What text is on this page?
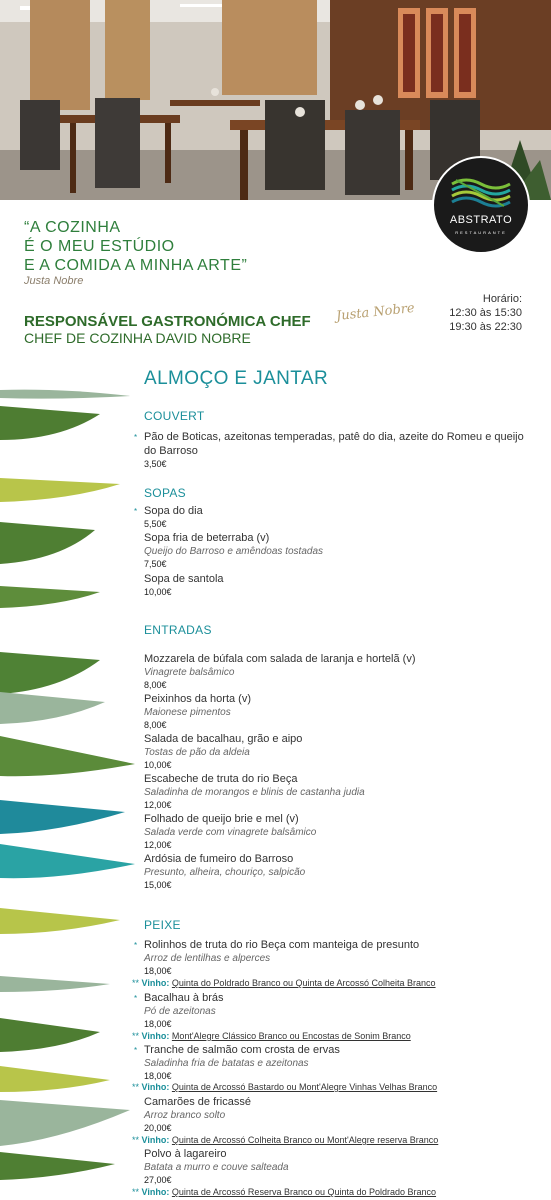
ABSTRATO
RESTAURANTE
“A COZINHA
É O MEU ESTÚDIO
E A COMIDA A MINHA ARTE”
Justa Nobre
RESPONSÁVEL GASTRONÓMICA CHEF
CHEF DE COZINHA DAVID NOBRE
Justa Nobre
Horário:
12:30 às 15:30
19:30 às 22:30
ALMOÇO E JANTAR
COUVERT
* Pão de Boticas, azeitonas temperadas, patê do dia, azeite do Romeu e queijo do Barroso
3,50€
SOPAS
* Sopa do dia
5,50€
Sopa fria de beterraba (v)
Queijo do Barroso e amêndoas tostadas
7,50€
Sopa de santola
10,00€
ENTRADAS
Mozzarela de búfala com salada de laranja e hortelã (v)
Vinagrete balsâmico
8,00€
Peixinhos da horta (v)
Maionese pimentos
8,00€
Salada de bacalhau, grão e aipo
Tostas de pão da aldeia
10,00€
Escabeche de truta do rio Beça
Saladinha de morangos e blinis de castanha judia
12,00€
Folhado de queijo brie e mel (v)
Salada verde com vinagrete balsâmico
12,00€
Ardósia de fumeiro do Barroso
Presunto, alheira, chouriço, salpicão
15,00€
PEIXE
* Rolinhos de truta do rio Beça com manteiga de presunto
Arroz de lentilhas e alperces
18,00€
** Vinho: Quinta do Poldrado Branco ou Quinta de Arcossó Colheita Branco
* Bacalhau à brás
Pó de azeitonas
18,00€
** Vinho: Mont'Alegre Clássico Branco ou Encostas de Sonim Branco
* Tranche de salmão com crosta de ervas
Saladinha fria de batatas e azeitonas
18,00€
** Vinho: Quinta de Arcossó Bastardo ou Mont'Alegre Vinhas Velhas Branco
Camarões de fricassé
Arroz branco solto
20,00€
** Vinho: Quinta de Arcossó Colheita Branco ou Mont'Alegre reserva Branco
Polvo à lagareiro
Batata a murro e couve salteada
27,00€
** Vinho: Quinta de Arcossó Reserva Branco ou Quinta do Poldrado Branco
